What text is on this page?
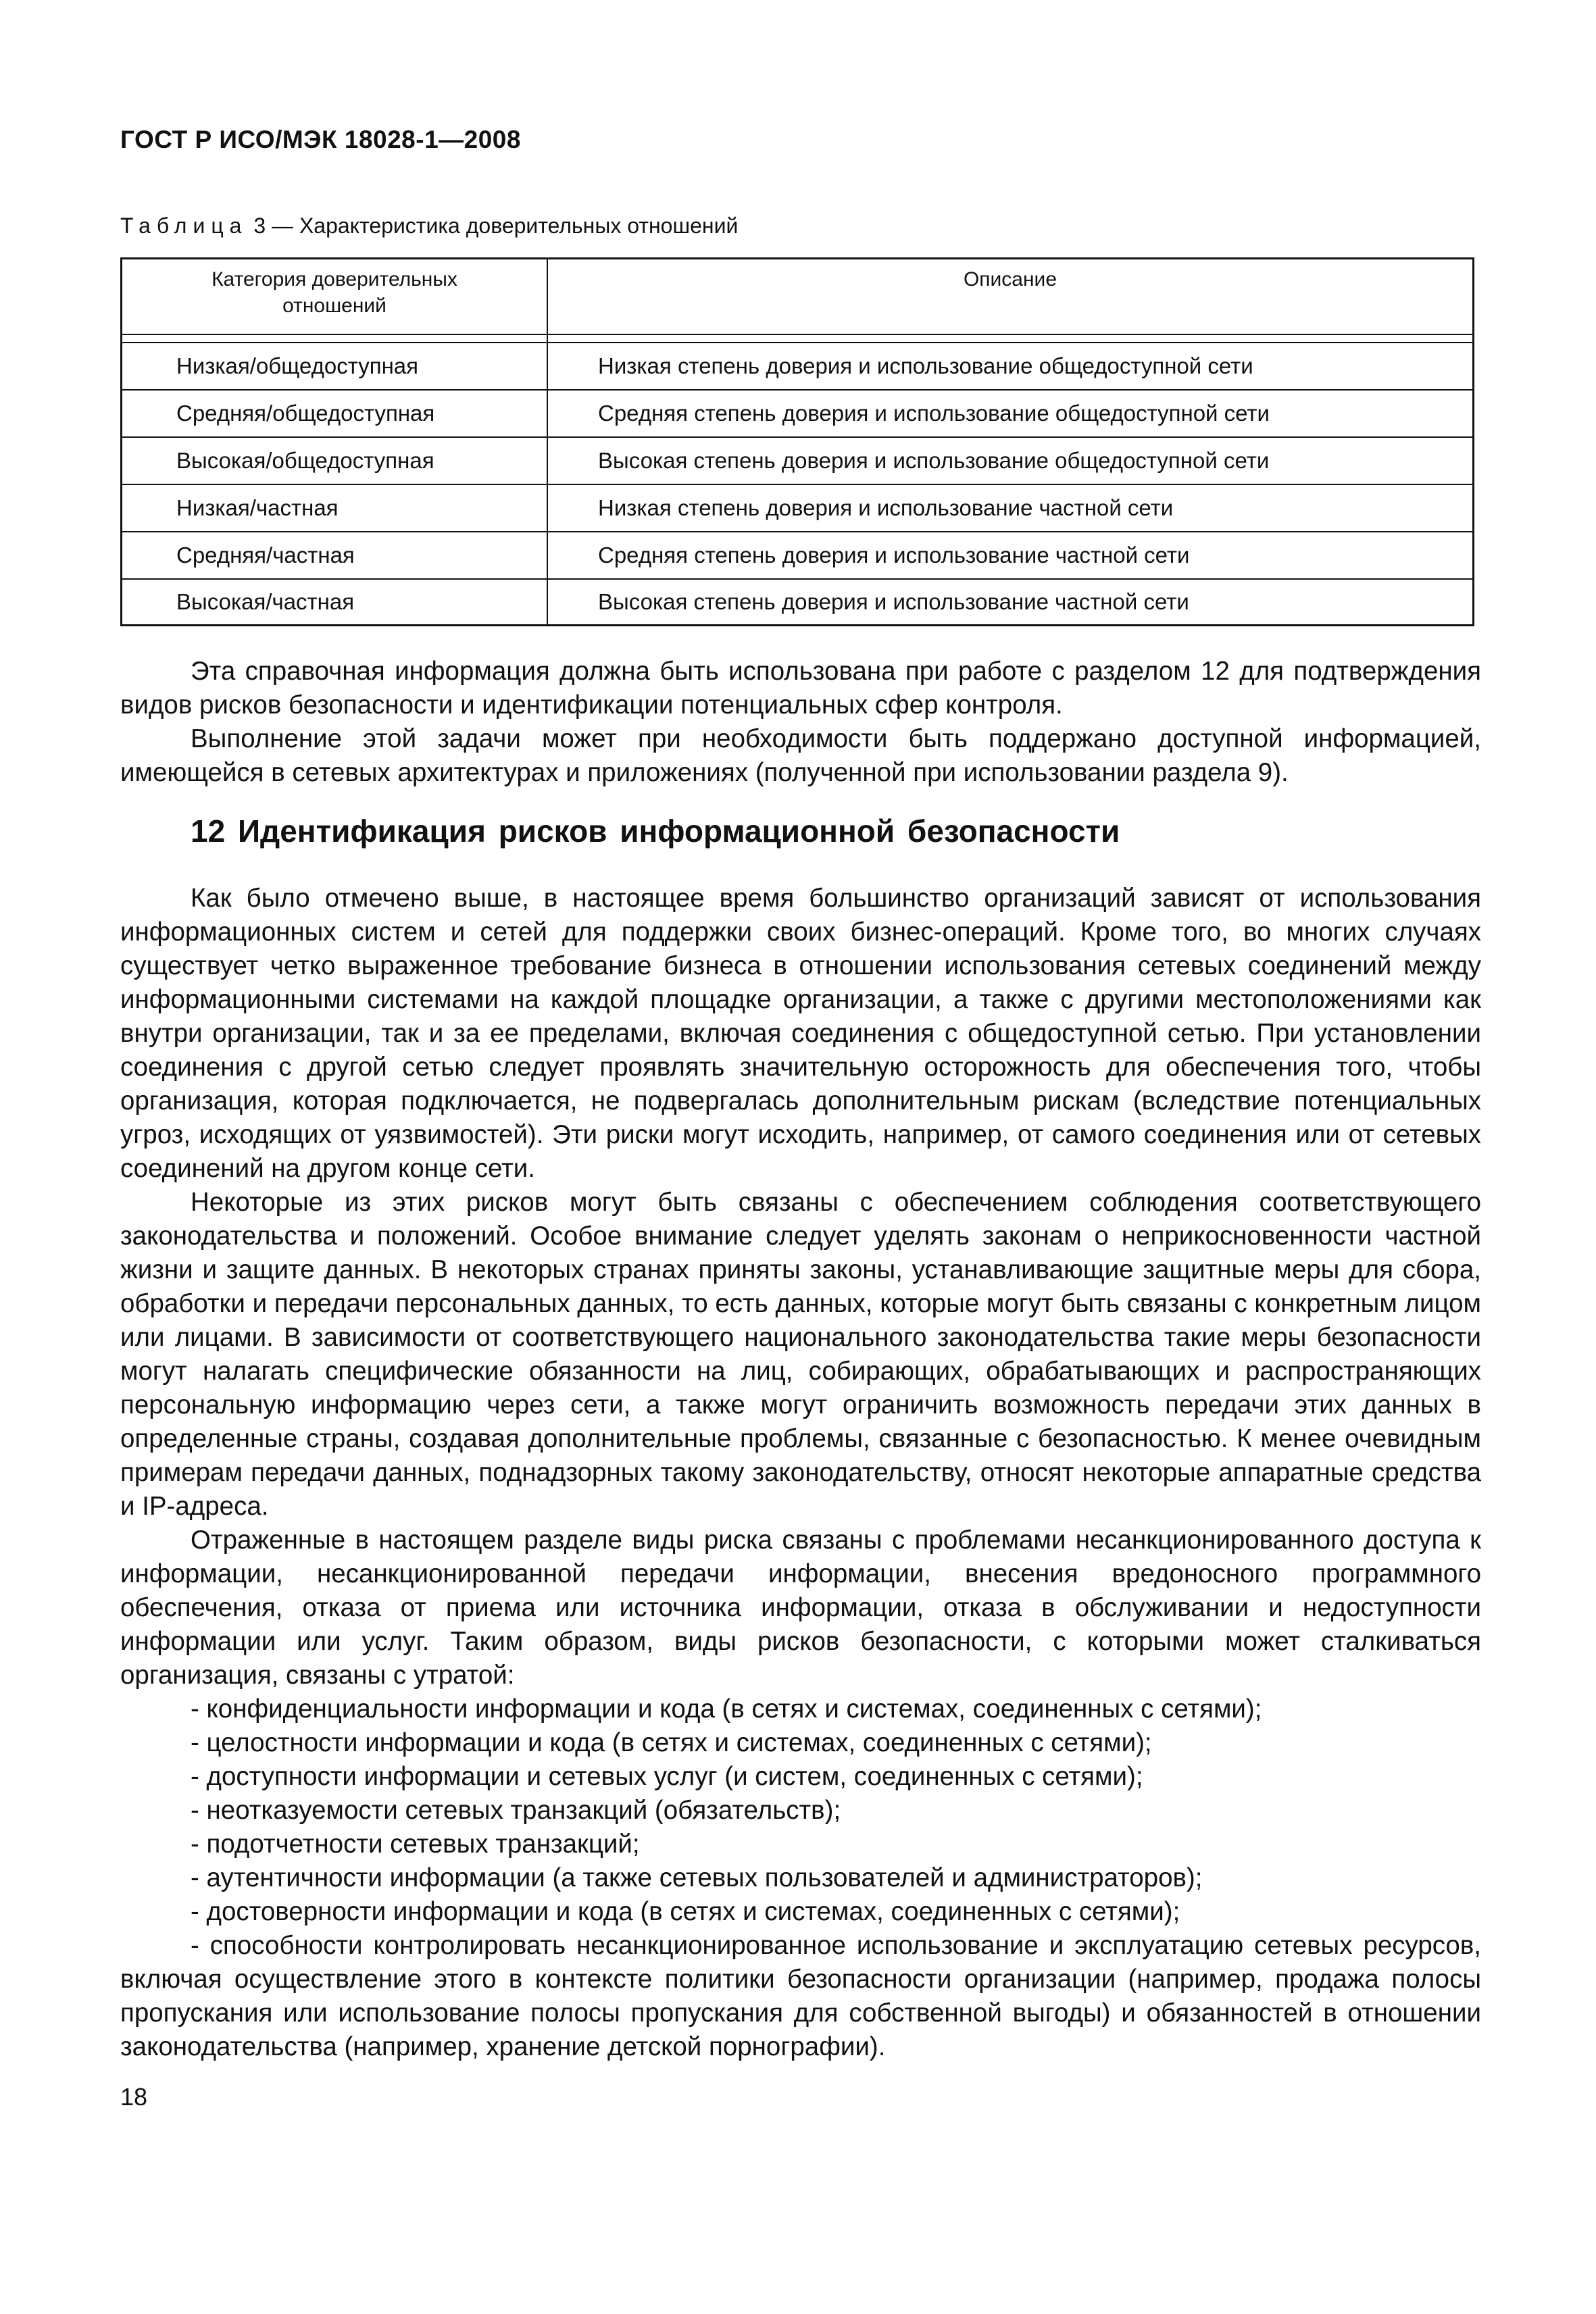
ГОСТ Р ИСО/МЭК 18028-1—2008

Таблица 3 — Характеристика доверительных отношений
Категория доверительных
отношений	Описание

Низкая/общедоступная	Низкая степень доверия и использование общедоступной сети
Средняя/общедоступная	Средняя степень доверия и использование общедоступной сети
Высокая/общедоступная	Высокая степень доверия и использование общедоступной сети
Низкая/частная	Низкая степень доверия и использование частной сети
Средняя/частная	Средняя степень доверия и использование частной сети
Высокая/частная	Высокая степень доверия и использование частной сети

Эта справочная информация должна быть использована при работе с разделом 12 для подтверждения видов рисков безопасности и идентификации потенциальных сфер контроля.

Выполнение этой задачи может при необходимости быть поддержано доступной информацией, имеющейся в сетевых архитектурах и приложениях (полученной при использовании раздела 9).

12 Идентификация рисков информационной безопасности

Как было отмечено выше, в настоящее время большинство организаций зависят от использования информационных систем и сетей для поддержки своих бизнес-операций. Кроме того, во многих случаях существует четко выраженное требование бизнеса в отношении использования сетевых соединений между информационными системами на каждой площадке организации, а также с другими местоположениями как внутри организации, так и за ее пределами, включая соединения с общедоступной сетью. При установлении соединения с другой сетью следует проявлять значительную осторожность для обеспечения того, чтобы организация, которая подключается, не подвергалась дополнительным рискам (вследствие потенциальных угроз, исходящих от уязвимостей). Эти риски могут исходить, например, от самого соединения или от сетевых соединений на другом конце сети.

Некоторые из этих рисков могут быть связаны с обеспечением соблюдения соответствующего законодательства и положений. Особое внимание следует уделять законам о неприкосновенности частной жизни и защите данных. В некоторых странах приняты законы, устанавливающие защитные меры для сбора, обработки и передачи персональных данных, то есть данных, которые могут быть связаны с конкретным лицом или лицами. В зависимости от соответствующего национального законодательства такие меры безопасности могут налагать специфические обязанности на лиц, собирающих, обрабатывающих и распространяющих персональную информацию через сети, а также могут ограничить возможность передачи этих данных в определенные страны, создавая дополнительные проблемы, связанные с безопасностью. К менее очевидным примерам передачи данных, поднадзорных такому законодательству, относят некоторые аппаратные средства и IP-адреса.

Отраженные в настоящем разделе виды риска связаны с проблемами несанкционированного доступа к информации, несанкционированной передачи информации, внесения вредоносного программного обеспечения, отказа от приема или источника информации, отказа в обслуживании и недоступности информации или услуг. Таким образом, виды рисков безопасности, с которыми может сталкиваться организация, связаны с утратой:

- конфиденциальности информации и кода (в сетях и системах, соединенных с сетями);
- целостности информации и кода (в сетях и системах, соединенных с сетями);
- доступности информации и сетевых услуг (и систем, соединенных с сетями);
- неотказуемости сетевых транзакций (обязательств);
- подотчетности сетевых транзакций;
- аутентичности информации (а также сетевых пользователей и администраторов);
- достоверности информации и кода (в сетях и системах, соединенных с сетями);
- способности контролировать несанкционированное использование и эксплуатацию сетевых ресурсов, включая осуществление этого в контексте политики безопасности организации (например, продажа полосы пропускания или использование полосы пропускания для собственной выгоды) и обязанностей в отношении законодательства (например, хранение детской порнографии).
18
